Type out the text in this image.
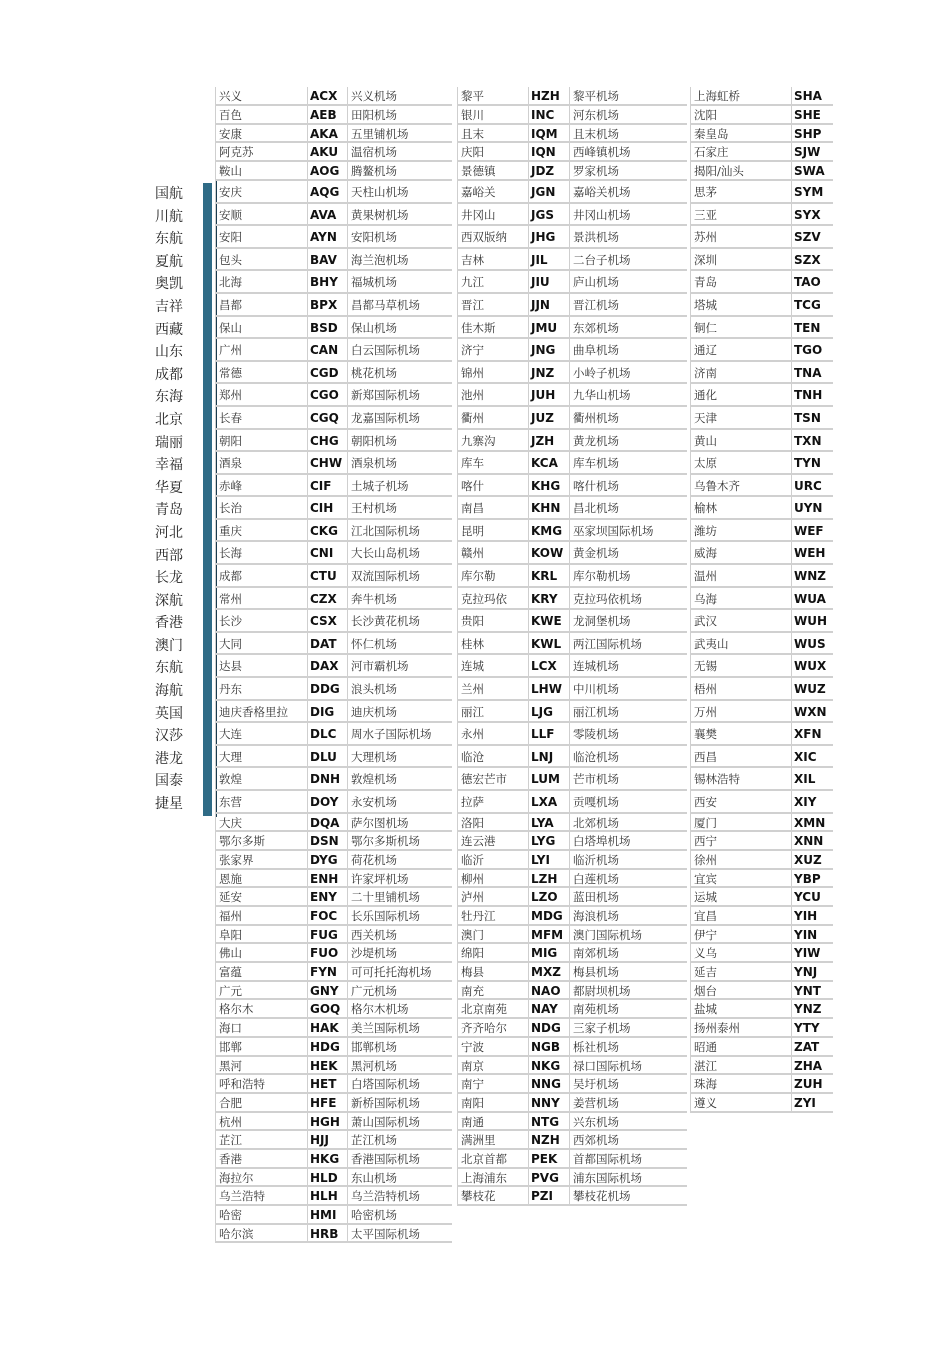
国航
川航
东航
夏航
奥凯
吉祥
西藏
山东
成都
东海
北京
瑞丽
幸福
华夏
青岛
河北
西部
长龙
深航
香港
澳门
东航
海航
英国
汉莎
港龙
国泰
捷星
兴义	ACX	兴义机场
百色	AEB	田阳机场
安康	AKA	五里铺机场
阿克苏	AKU	温宿机场
鞍山	AOG	腾鳌机场
安庆	AQG	天柱山机场
安顺	AVA	黄果树机场
安阳	AYN	安阳机场
包头	BAV	海兰泡机场
北海	BHY	福城机场
昌都	BPX	昌都马草机场
保山	BSD	保山机场
广州	CAN	白云国际机场
常德	CGD	桃花机场
郑州	CGO	新郑国际机场
长春	CGQ	龙嘉国际机场
朝阳	CHG	朝阳机场
酒泉	CHW 酒泉机场
赤峰	CIF	土城子机场
长治	CIH	王村机场
重庆	CKG	江北国际机场
长海	CNI	大长山岛机场
成都	CTU	双流国际机场
常州	CZX	奔牛机场
长沙	CSX	长沙黄花机场
大同	DAT	怀仁机场
达县	DAX	河市霸机场
丹东	DDG 浪头机场
迪庆香格里拉	DIG	迪庆机场
大连	DLC	周水子国际机场
大理	DLU	大理机场
敦煌	DNH 敦煌机场
东营	DOY	永安机场
大庆	DQA	萨尔图机场
鄂尔多斯	DSN	鄂尔多斯机场
张家界	DYG	荷花机场
恩施	ENH	许家坪机场
延安	ENY	二十里铺机场
福州	FOC	长乐国际机场
阜阳	FUG	西关机场
佛山	FUO	沙堤机场
富蕴	FYN	可可托托海机场
广元	GNY	广元机场
格尔木	GOQ 格尔木机场
海口	HAK	美兰国际机场
邯郸	HDG 邯郸机场
黑河	HEK	黑河机场
呼和浩特	HET	白塔国际机场
合肥	HFE	新桥国际机场
杭州	HGH 萧山国际机场
芷江	HJJ	芷江机场
香港	HKG	香港国际机场
海拉尔	HLD	东山机场
乌兰浩特	HLH	乌兰浩特机场
哈密	HMI	哈密机场
哈尔滨	HRB	太平国际机场
黎平	HZH	黎平机场
银川	INC	河东机场
且末	IQM	且末机场
庆阳	IQN	西峰镇机场
景德镇	JDZ	罗家机场
嘉峪关	JGN	嘉峪关机场
井冈山	JGS	井冈山机场
西双版纳	JHG	景洪机场
吉林	JIL	二台子机场
九江	JIU	庐山机场
晋江	JJN	晋江机场
佳木斯	JMU	东郊机场
济宁	JNG	曲阜机场
锦州	JNZ	小岭子机场
池州	JUH	九华山机场
衢州	JUZ	衢州机场
九寨沟	JZH	黄龙机场
库车	KCA	库车机场
喀什	KHG	喀什机场
南昌	KHN	昌北机场
昆明	KMG 巫家坝国际机场
赣州	KOW 黄金机场
库尔勒	KRL	库尔勒机场
克拉玛依	KRY	克拉玛依机场
贵阳	KWE 龙洞堡机场
桂林	KWL	两江国际机场
连城	LCX	连城机场
兰州	LHW 中川机场
丽江	LJG	丽江机场
永州	LLF	零陵机场
临沧	LNJ	临沧机场
德宏芒市	LUM	芒市机场
拉萨	LXA	贡嘎机场
洛阳	LYA	北郊机场
连云港	LYG	白塔埠机场
临沂	LYI	临沂机场
柳州	LZH	白莲机场
泸州	LZO	蓝田机场
牡丹江	MDG 海浪机场
澳门	MFM 澳门国际机场
绵阳	MIG	南郊机场
梅县	MXZ	梅县机场
南充	NAO	都尉坝机场
北京南苑	NAY	南苑机场
齐齐哈尔	NDG	三家子机场
宁波	NGB	栎社机场
南京	NKG	禄口国际机场
南宁	NNG	吴圩机场
南阳	NNY	姜营机场
南通	NTG	兴东机场
满洲里	NZH	西郊机场
北京首都	PEK	首都国际机场
上海浦东	PVG	浦东国际机场
攀枝花	PZI	攀枝花机场
上海虹桥	SHA
沈阳	SHE
秦皇岛	SHP
石家庄	SJW
揭阳/汕头	SWA
思茅	SYM
三亚	SYX
苏州	SZV
深圳	SZX
青岛	TAO
塔城	TCG
铜仁	TEN
通辽	TGO
济南	TNA
通化	TNH
天津	TSN
黄山	TXN
太原	TYN
乌鲁木齐	URC
榆林	UYN
潍坊	WEF
威海	WEH
温州	WNZ
乌海	WUA
武汉	WUH
武夷山	WUS
无锡	WUX
梧州	WUZ
万州	WXN
襄樊	XFN
西昌	XIC
锡林浩特	XIL
西安	XIY
厦门	XMN
西宁	XNN
徐州	XUZ
宜宾	YBP
运城	YCU
宜昌	YIH
伊宁	YIN
义乌	YIW
延吉	YNJ
烟台	YNT
盐城	YNZ
扬州泰州	YTY
昭通	ZAT
湛江	ZHA
珠海	ZUH
遵义	ZYI
